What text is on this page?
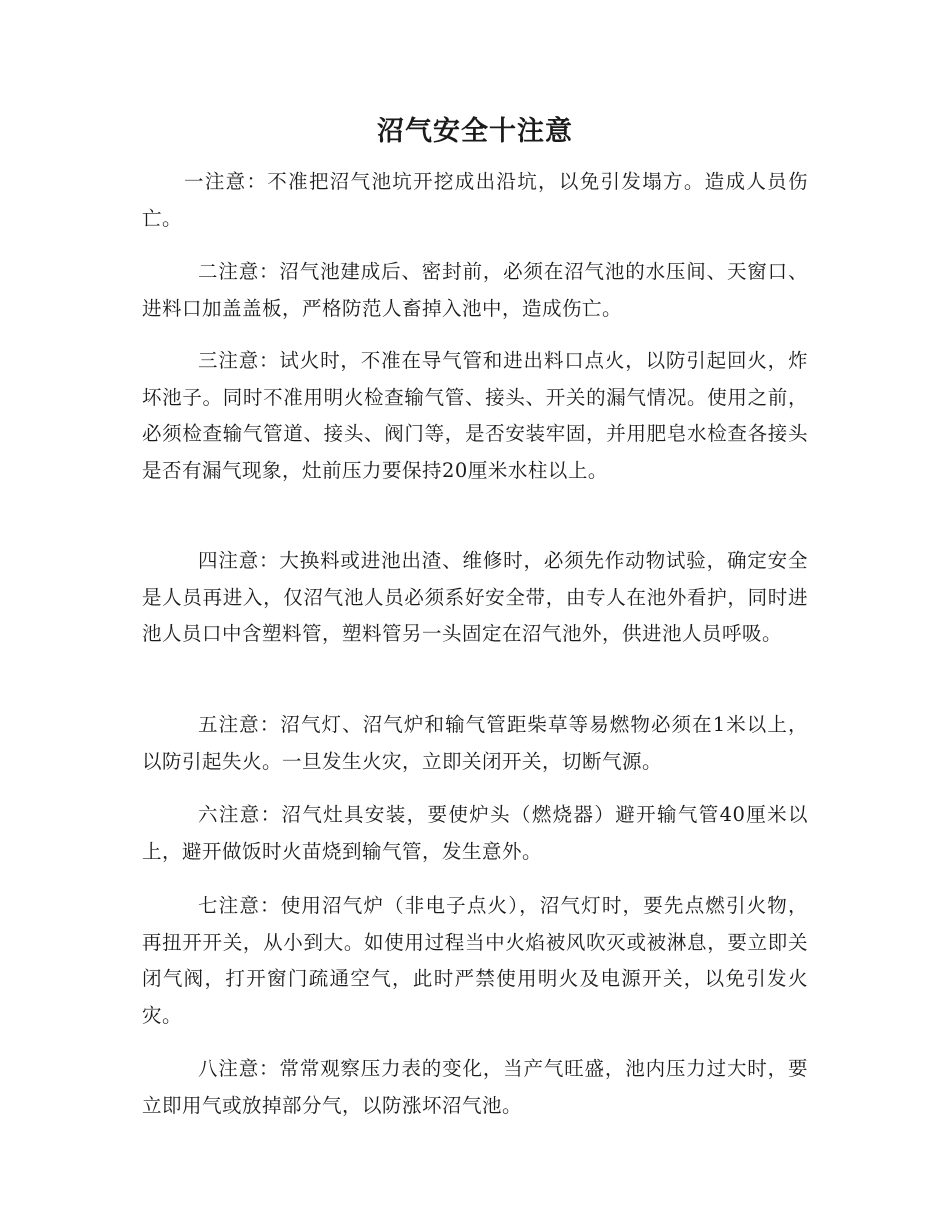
沼气安全十注意

一注意：不准把沼气池坑开挖成出沿坑，以免引发塌方。造成人员伤亡。

二注意：沼气池建成后、密封前，必须在沼气池的水压间、天窗口、进料口加盖盖板，严格防范人畜掉入池中，造成伤亡。

三注意：试火时，不准在导气管和进出料口点火，以防引起回火，炸坏池子。同时不准用明火检查输气管、接头、开关的漏气情况。使用之前，必须检查输气管道、接头、阀门等，是否安装牢固，并用肥皂水检查各接头是否有漏气现象，灶前压力要保持20厘米水柱以上。

四注意：大换料或进池出渣、维修时，必须先作动物试验，确定安全是人员再进入，仅沼气池人员必须系好安全带，由专人在池外看护，同时进池人员口中含塑料管，塑料管另一头固定在沼气池外，供进池人员呼吸。

五注意：沼气灯、沼气炉和输气管距柴草等易燃物必须在1米以上，以防引起失火。一旦发生火灾，立即关闭开关，切断气源。

六注意：沼气灶具安装，要使炉头（燃烧器）避开输气管40厘米以上，避开做饭时火苗烧到输气管，发生意外。

七注意：使用沼气炉（非电子点火），沼气灯时，要先点燃引火物，再扭开开关，从小到大。如使用过程当中火焰被风吹灭或被淋息，要立即关闭气阀，打开窗门疏通空气，此时严禁使用明火及电源开关，以免引发火灾。

八注意：常常观察压力表的变化，当产气旺盛，池内压力过大时，要立即用气或放掉部分气，以防涨坏沼气池。
